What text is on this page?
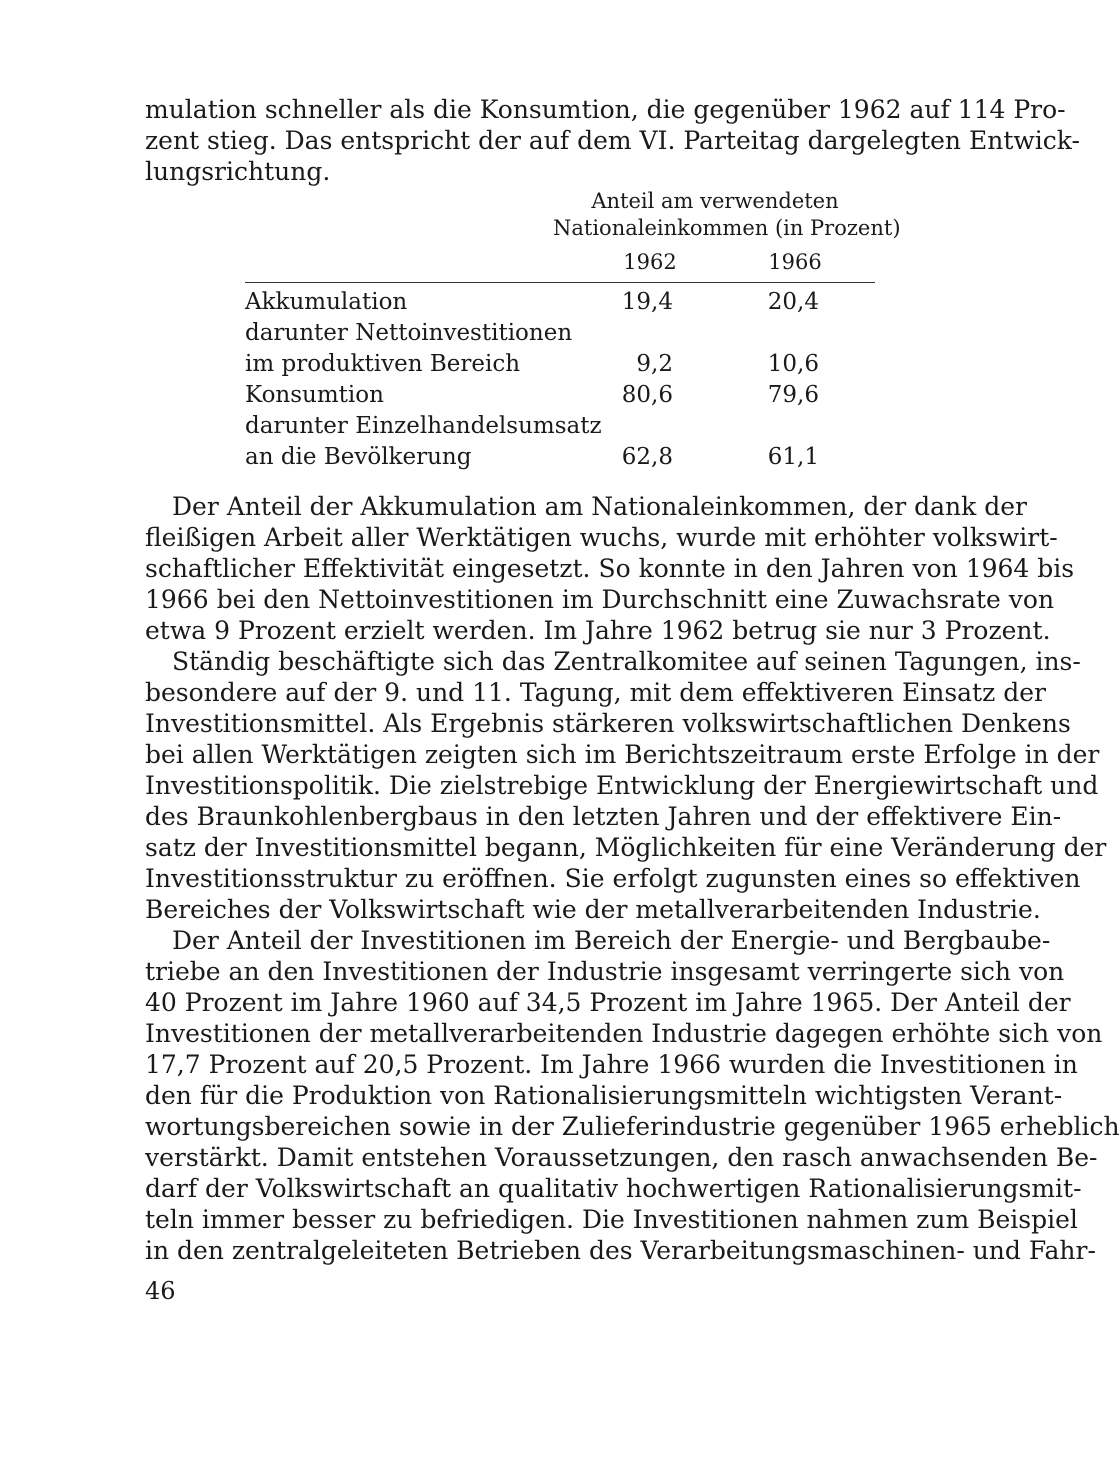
mulation schneller als die Konsumtion, die gegenüber 1962 auf 114 Pro-
zent stieg. Das entspricht der auf dem VI. Parteitag dargelegten Entwick-
lungsrichtung.
Anteil am verwendeten
Nationaleinkommen (in Prozent)
1962	1966
Akkumulation	19,4	20,4
darunter Nettoinvestitionen
im produktiven Bereich	9,2	10,6
Konsumtion	80,6	79,6
darunter Einzelhandelsumsatz
an die Bevölkerung	62,8	61,1
Der Anteil der Akkumulation am Nationaleinkommen, der dank der
fleißigen Arbeit aller Werktätigen wuchs, wurde mit erhöhter volkswirt-
schaftlicher Effektivität eingesetzt. So konnte in den Jahren von 1964 bis
1966 bei den Nettoinvestitionen im Durchschnitt eine Zuwachsrate von
etwa 9 Prozent erzielt werden. Im Jahre 1962 betrug sie nur 3 Prozent.
Ständig beschäftigte sich das Zentralkomitee auf seinen Tagungen, ins-
besondere auf der 9. und 11. Tagung, mit dem effektiveren Einsatz der
Investitionsmittel. Als Ergebnis stärkeren volkswirtschaftlichen Denkens
bei allen Werktätigen zeigten sich im Berichtszeitraum erste Erfolge in der
Investitionspolitik. Die zielstrebige Entwicklung der Energiewirtschaft und
des Braunkohlenbergbaus in den letzten Jahren und der effektivere Ein-
satz der Investitionsmittel begann, Möglichkeiten für eine Veränderung der
Investitionsstruktur zu eröffnen. Sie erfolgt zugunsten eines so effektiven
Bereiches der Volkswirtschaft wie der metallverarbeitenden Industrie.
Der Anteil der Investitionen im Bereich der Energie- und Bergbaube-
triebe an den Investitionen der Industrie insgesamt verringerte sich von
40 Prozent im Jahre 1960 auf 34,5 Prozent im Jahre 1965. Der Anteil der
Investitionen der metallverarbeitenden Industrie dagegen erhöhte sich von
17,7 Prozent auf 20,5 Prozent. Im Jahre 1966 wurden die Investitionen in
den für die Produktion von Rationalisierungsmitteln wichtigsten Verant-
wortungsbereichen sowie in der Zulieferindustrie gegenüber 1965 erheblich
verstärkt. Damit entstehen Voraussetzungen, den rasch anwachsenden Be-
darf der Volkswirtschaft an qualitativ hochwertigen Rationalisierungsmit-
teln immer besser zu befriedigen. Die Investitionen nahmen zum Beispiel
in den zentralgeleiteten Betrieben des Verarbeitungsmaschinen- und Fahr-
46
